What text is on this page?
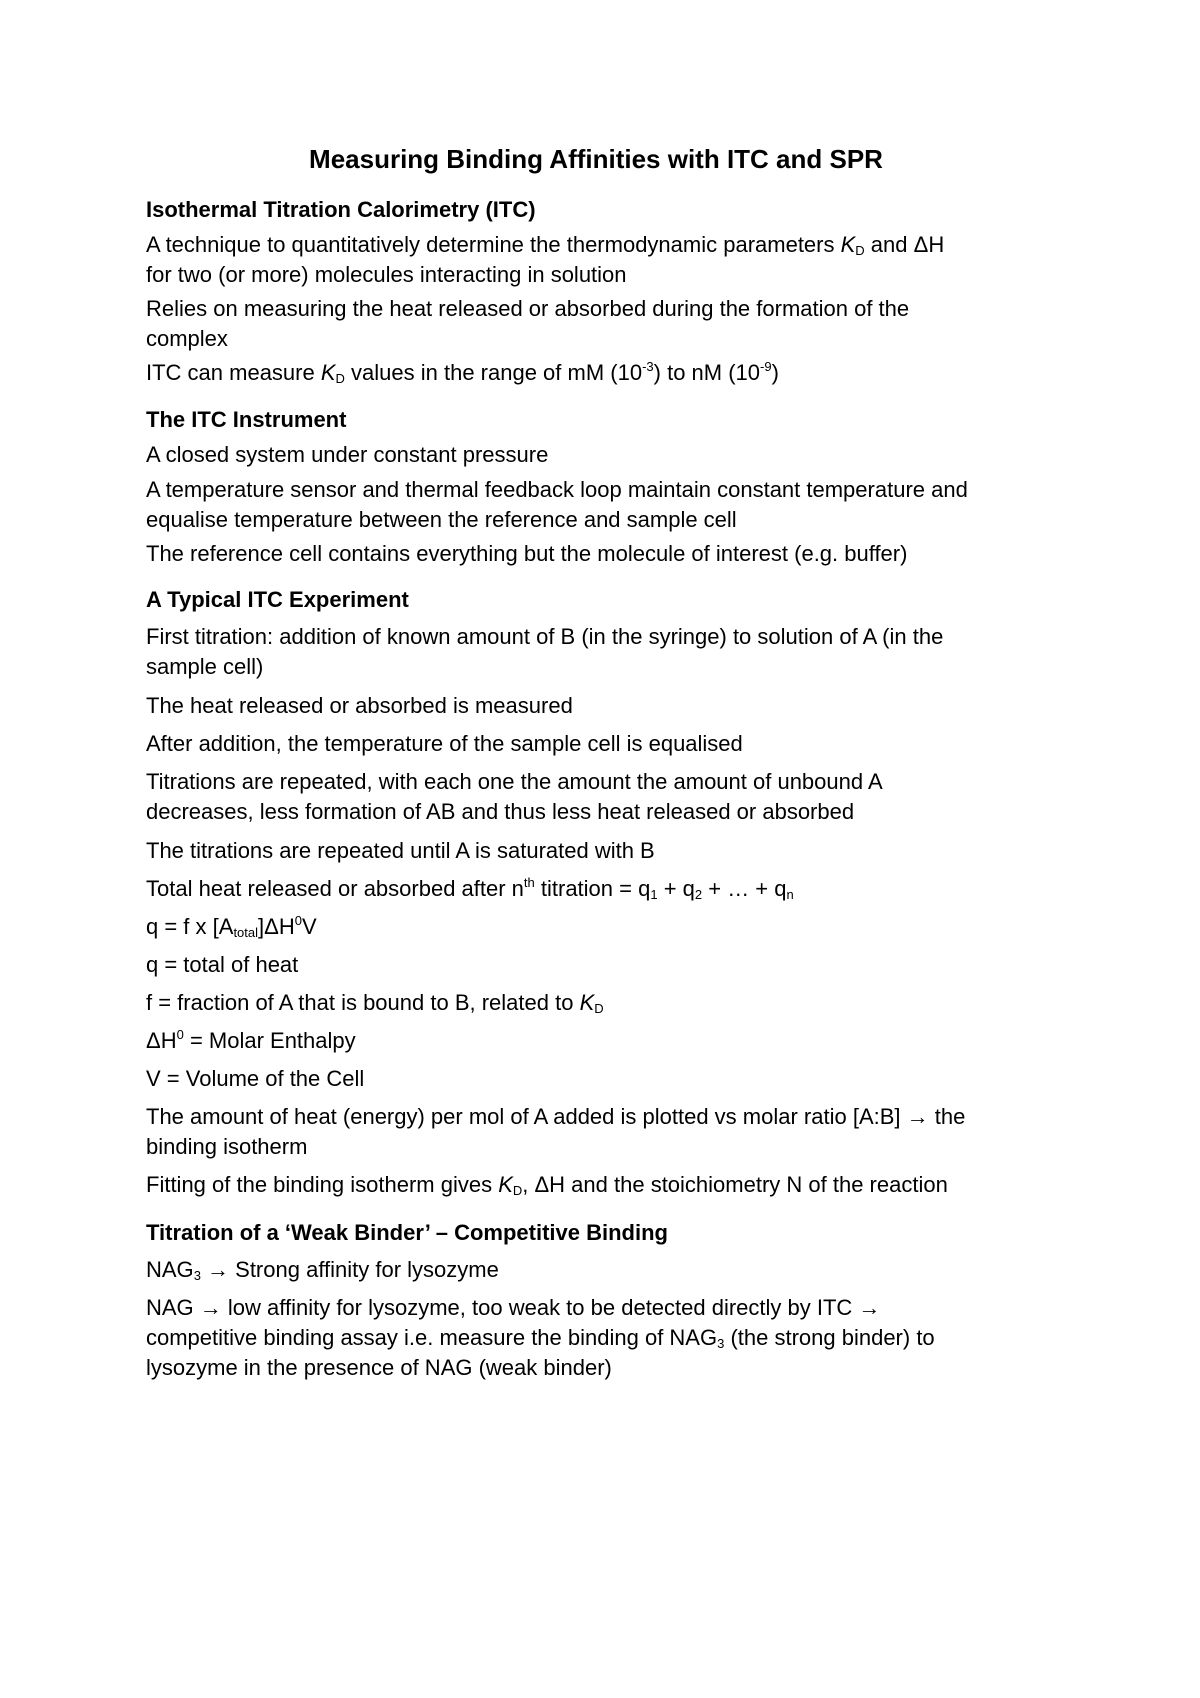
Measuring Binding Affinities with ITC and SPR
Isothermal Titration Calorimetry (ITC)

A technique to quantitatively determine the thermodynamic parameters $K_D$ and ΔH

for two (or more) molecules interacting in solution

Relies on measuring the heat released or absorbed during the formation of the

complex

ITC can measure $K_D$ values in the range of mM $(10^{-3})$ to nM $(10^{-9})$

The ITC Instrument

A closed system under constant pressure

A temperature sensor and thermal feedback loop maintain constant temperature and

equalise temperature between the reference and sample cell

The reference cell contains everything but the molecule of interest (e.g. buffer)

A Typical ITC Experiment

First titration: addition of known amount of B (in the syringe) to solution of A (in the

sample cell)

The heat released or absorbed is measured

After addition, the temperature of the sample cell is equalised

Titrations are repeated, with each one the amount the amount of unbound A

decreases, less formation of AB and thus less heat released or absorbed

The titrations are repeated until A is saturated with B

Total heat released or absorbed after $n^{th}$ titration = $q_1 + q_2$ + … + $q_n$

q = f x $[A_{total}]\Delta H^0V$

q = total of heat

f = fraction of A that is bound to B, related to $K_D$

$\Delta H^0$ = Molar Enthalpy

V = Volume of the Cell

The amount of heat (energy) per mol of A added is plotted vs molar ratio [A:B] → the

binding isotherm

Fitting of the binding isotherm gives $K_D$, ΔH and the stoichiometry N of the reaction

Titration of a ‘Weak Binder’ – Competitive Binding

$NAG_3$ → Strong affinity for lysozyme

NAG → low affinity for lysozyme, too weak to be detected directly by ITC →

competitive binding assay i.e. measure the binding of $NAG_3$ (the strong binder) to

lysozyme in the presence of NAG (weak binder)
